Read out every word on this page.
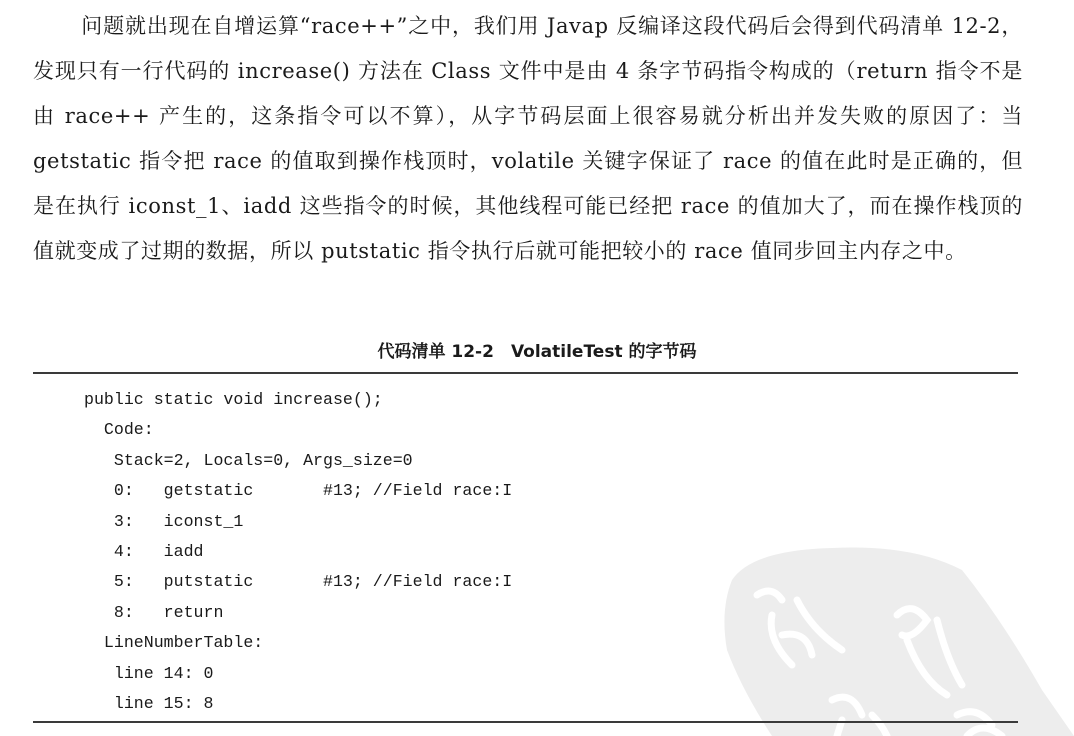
问题就出现在自增运算“race++”之中，我们用 Javap 反编译这段代码后会得到代码清单 12-2，发现只有一行代码的 increase() 方法在 Class 文件中是由 4 条字节码指令构成的（return 指令不是由 race++ 产生的，这条指令可以不算），从字节码层面上很容易就分析出并发失败的原因了：当 getstatic 指令把 race 的值取到操作栈顶时，volatile 关键字保证了 race 的值在此时是正确的，但是在执行 iconst_1、iadd 这些指令的时候，其他线程可能已经把 race 的值加大了，而在操作栈顶的值就变成了过期的数据，所以 putstatic 指令执行后就可能把较小的 race 值同步回主内存之中。

代码清单 12-2　VolatileTest 的字节码
public static void increase();
Code:
Stack=2, Locals=0, Args_size=0
0:   getstatic       #13; //Field race:I
3:   iconst_1
4:   iadd
5:   putstatic       #13; //Field race:I
8:   return
LineNumberTable:
line 14: 0
line 15: 8
